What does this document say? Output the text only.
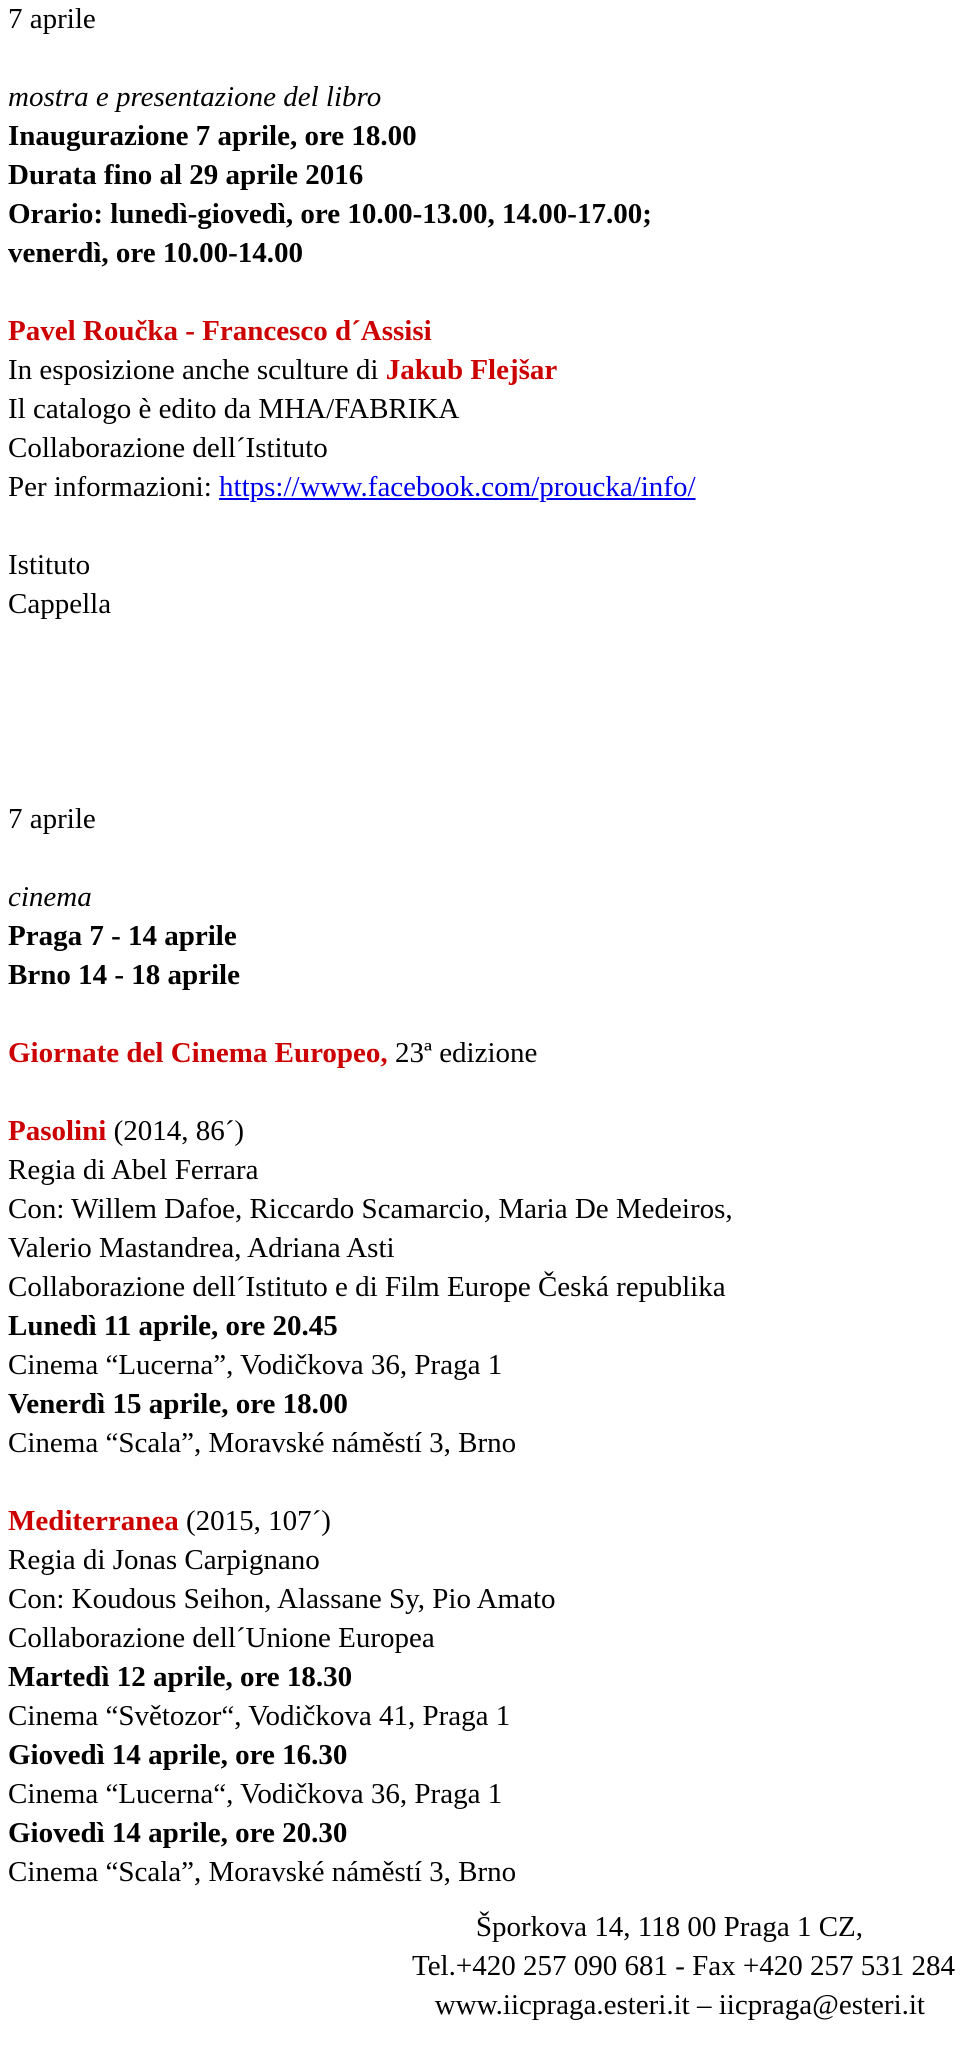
7 aprile
mostra e presentazione del libro
Inaugurazione 7 aprile, ore 18.00
Durata fino al 29 aprile 2016
Orario: lunedì-giovedì, ore 10.00-13.00, 14.00-17.00;
venerdì, ore 10.00-14.00
Pavel Roučka - Francesco d´Assisi
In esposizione anche sculture di Jakub Flejšar
Il catalogo è edito da MHA/FABRIKA
Collaborazione dell´Istituto
Per informazioni: https://www.facebook.com/proucka/info/
Istituto
Cappella
7 aprile
cinema
Praga 7 - 14 aprile
Brno 14 - 18 aprile
Giornate del Cinema Europeo, 23ª edizione
Pasolini (2014, 86´)
Regia di Abel Ferrara
Con: Willem Dafoe, Riccardo Scamarcio, Maria De Medeiros,
Valerio Mastandrea, Adriana Asti
Collaborazione dell´Istituto e di Film Europe Česká republika
Lunedì 11 aprile, ore 20.45
Cinema “Lucerna”, Vodičkova 36, Praga 1
Venerdì 15 aprile, ore 18.00
Cinema “Scala”, Moravské náměstí 3, Brno
Mediterranea (2015, 107´)
Regia di Jonas Carpignano
Con: Koudous Seihon, Alassane Sy, Pio Amato
Collaborazione dell´Unione Europea
Martedì 12 aprile, ore 18.30
Cinema “Světozor“, Vodičkova 41, Praga 1
Giovedì 14 aprile, ore 16.30
Cinema “Lucerna“, Vodičkova 36, Praga 1
Giovedì 14 aprile, ore 20.30
Cinema “Scala”, Moravské náměstí 3, Brno
Šporkova 14, 118 00 Praga 1 CZ,
Tel.+420 257 090 681 - Fax +420 257 531 284
www.iicpraga.esteri.it – iicpraga@esteri.it
